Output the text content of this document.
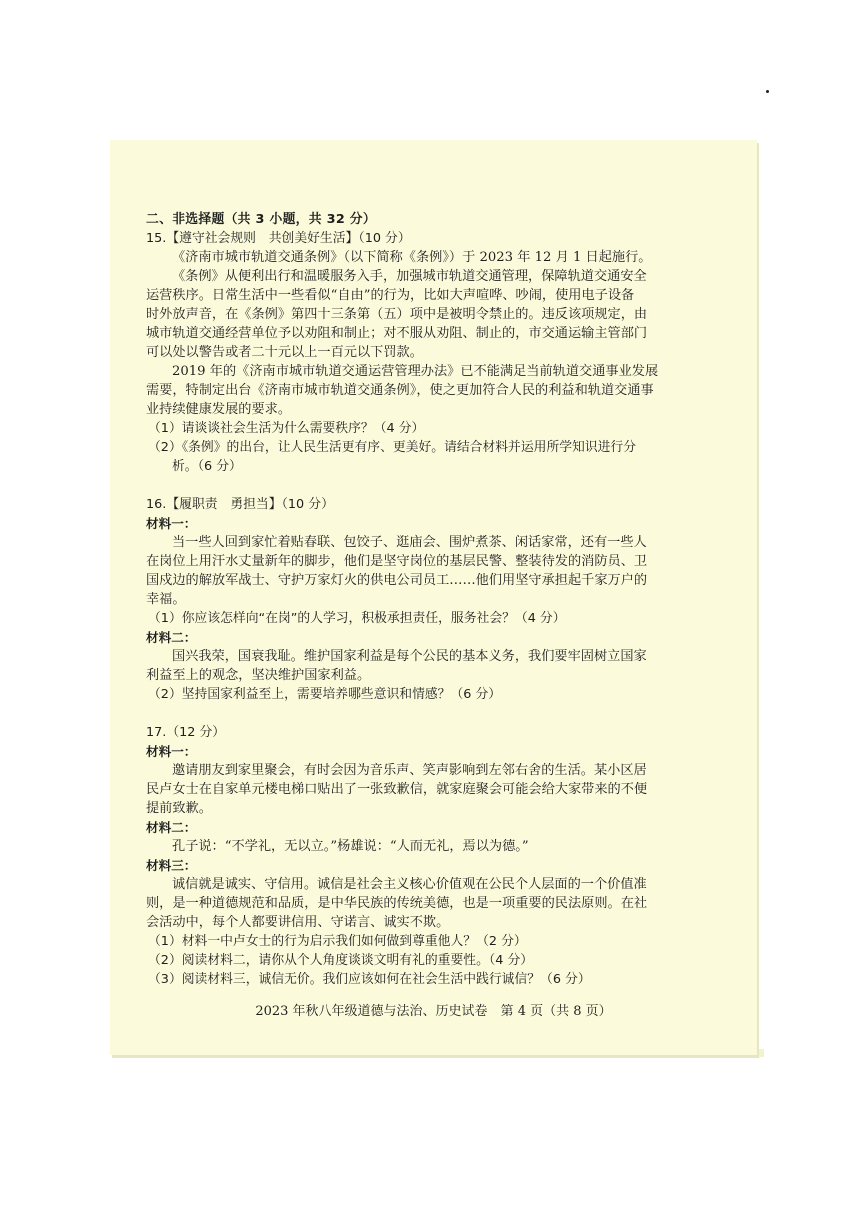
二、非选择题（共 3 小题，共 32 分）
15.【遵守社会规则　共创美好生活】（10 分）
《济南市城市轨道交通条例》（以下简称《条例》）于 2023 年 12 月 1 日起施行。
《条例》从便利出行和温暖服务入手，加强城市轨道交通管理，保障轨道交通安全
运营秩序。日常生活中一些看似“自由”的行为，比如大声喧哗、吵闹，使用电子设备
时外放声音，在《条例》第四十三条第（五）项中是被明令禁止的。违反该项规定，由
城市轨道交通经营单位予以劝阻和制止；对不服从劝阻、制止的，市交通运输主管部门
可以处以警告或者二十元以上一百元以下罚款。
2019 年的《济南市城市轨道交通运营管理办法》已不能满足当前轨道交通事业发展
需要，特制定出台《济南市城市轨道交通条例》，使之更加符合人民的利益和轨道交通事
业持续健康发展的要求。
（1）请谈谈社会生活为什么需要秩序？（4 分）
（2）《条例》的出台，让人民生活更有序、更美好。请结合材料并运用所学知识进行分
析。（6 分）
16.【履职责　勇担当】（10 分）
材料一：
当一些人回到家忙着贴春联、包饺子、逛庙会、围炉煮茶、闲话家常，还有一些人
在岗位上用汗水丈量新年的脚步，他们是坚守岗位的基层民警、整装待发的消防员、卫
国戍边的解放军战士、守护万家灯火的供电公司员工……他们用坚守承担起千家万户的
幸福。
（1）你应该怎样向“在岗”的人学习，积极承担责任，服务社会？（4 分）
材料二：
国兴我荣，国衰我耻。维护国家利益是每个公民的基本义务，我们要牢固树立国家
利益至上的观念，坚决维护国家利益。
（2）坚持国家利益至上，需要培养哪些意识和情感？（6 分）
17.（12 分）
材料一：
邀请朋友到家里聚会，有时会因为音乐声、笑声影响到左邻右舍的生活。某小区居
民卢女士在自家单元楼电梯口贴出了一张致歉信，就家庭聚会可能会给大家带来的不便
提前致歉。
材料二：
孔子说：“不学礼，无以立。”杨雄说：“人而无礼，焉以为德。”
材料三：
诚信就是诚实、守信用。诚信是社会主义核心价值观在公民个人层面的一个价值准
则，是一种道德规范和品质，是中华民族的传统美德，也是一项重要的民法原则。在社
会活动中，每个人都要讲信用、守诺言、诚实不欺。
（1）材料一中卢女士的行为启示我们如何做到尊重他人？（2 分）
（2）阅读材料二，请你从个人角度谈谈文明有礼的重要性。（4 分）
（3）阅读材料三，诚信无价。我们应该如何在社会生活中践行诚信？（6 分）
2023 年秋八年级道德与法治、历史试卷　第 4 页（共 8 页）
